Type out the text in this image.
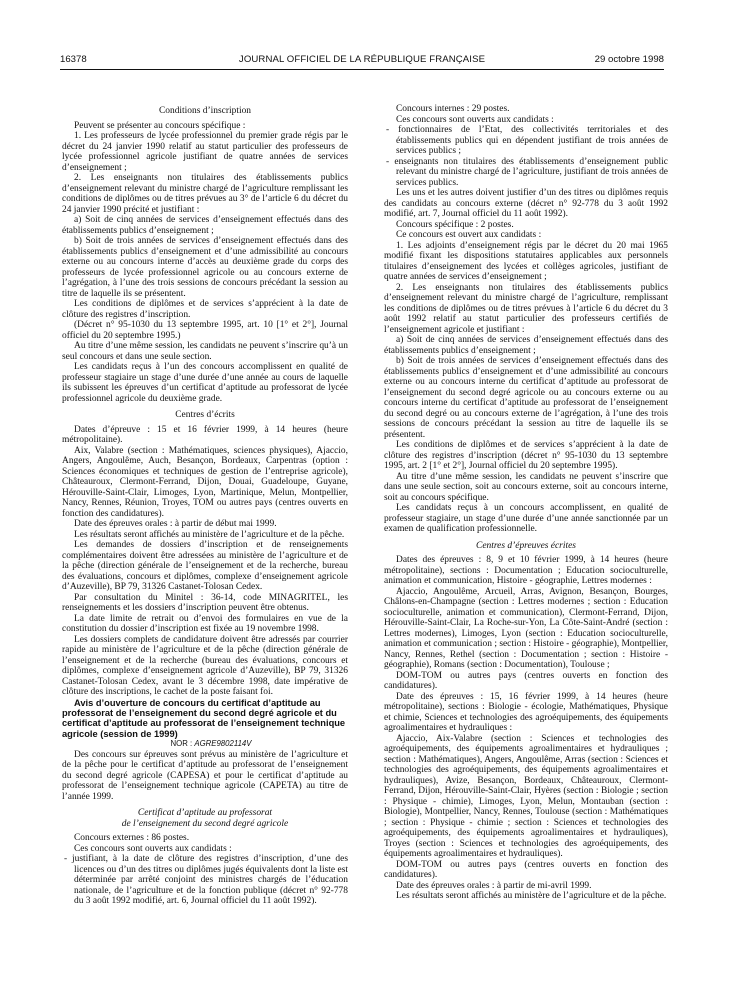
16378	JOURNAL OFFICIEL DE LA RÉPUBLIQUE FRANÇAISE	29 octobre 1998

Conditions d’inscription

Peuvent se présenter au concours spécifique :

1. Les professeurs de lycée professionnel du premier grade régis par le décret du 24 janvier 1990 relatif au statut particulier des professeurs de lycée professionnel agricole justifiant de quatre années de services d’enseignement ;

2. Les enseignants non titulaires des établissements publics d’enseignement relevant du ministre chargé de l’agriculture remplissant les conditions de diplômes ou de titres prévues au 3° de l’article 6 du décret du 24 janvier 1990 précité et justifiant :

a) Soit de cinq années de services d’enseignement effectués dans des établissements publics d’enseignement ;

b) Soit de trois années de services d’enseignement effectués dans des établissements publics d’enseignement et d’une admissibilité au concours externe ou au concours interne d’accès au deuxième grade du corps des professeurs de lycée professionnel agricole ou au concours externe de l’agrégation, à l’une des trois sessions de concours précédant la session au titre de laquelle ils se présentent.

Les conditions de diplômes et de services s’apprécient à la date de clôture des registres d’inscription.

(Décret n° 95-1030 du 13 septembre 1995, art. 10 [1° et 2°], Journal officiel du 20 septembre 1995.)

Au titre d’une même session, les candidats ne peuvent s’inscrire qu’à un seul concours et dans une seule section.

Les candidats reçus à l’un des concours accomplissent en qualité de professeur stagiaire un stage d’une durée d’une année au cours de laquelle ils subissent les épreuves d’un certificat d’aptitude au professorat de lycée professionnel agricole du deuxième grade.

Centres d’écrits

Dates d’épreuve : 15 et 16 février 1999, à 14 heures (heure métropolitaine).

Aix, Valabre (section : Mathématiques, sciences physiques), Ajaccio, Angers, Angoulême, Auch, Besançon, Bordeaux, Carpentras (option : Sciences économiques et techniques de gestion de l’entreprise agricole), Châteauroux, Clermont-Ferrand, Dijon, Douai, Guadeloupe, Guyane, Hérouville-Saint-Clair, Limoges, Lyon, Martinique, Melun, Montpellier, Nancy, Rennes, Réunion, Troyes, TOM ou autres pays (centres ouverts en fonction des candidatures).

Date des épreuves orales : à partir de début mai 1999.

Les résultats seront affichés au ministère de l’agriculture et de la pêche.

Les demandes de dossiers d’inscription et de renseignements complémentaires doivent être adressées au ministère de l’agriculture et de la pêche (direction générale de l’enseignement et de la recherche, bureau des évaluations, concours et diplômes, complexe d’enseignement agricole d’Auzeville), BP 79, 31326 Castanet-Tolosan Cedex.

Par consultation du Minitel : 36-14, code MINAGRITEL, les renseignements et les dossiers d’inscription peuvent être obtenus.

La date limite de retrait ou d’envoi des formulaires en vue de la constitution du dossier d’inscription est fixée au 19 novembre 1998.

Les dossiers complets de candidature doivent être adressés par courrier rapide au ministère de l’agriculture et de la pêche (direction générale de l’enseignement et de la recherche (bureau des évaluations, concours et diplômes, complexe d’enseignement agricole d’Auzeville), BP 79, 31326 Castanet-Tolosan Cedex, avant le 3 décembre 1998, date impérative de clôture des inscriptions, le cachet de la poste faisant foi.

Avis d’ouverture de concours du certificat d’aptitude au professorat de l’enseignement du second degré agricole et du certificat d’aptitude au professorat de l’enseignement technique agricole (session de 1999)

NOR : AGRE9802114V

Des concours sur épreuves sont prévus au ministère de l’agriculture et de la pêche pour le certificat d’aptitude au professorat de l’enseignement du second degré agricole (CAPESA) et pour le certificat d’aptitude au professorat de l’enseignement technique agricole (CAPETA) au titre de l’année 1999.

Certificat d’aptitude au professorat
de l’enseignement du second degré agricole

Concours externes : 86 postes.

Ces concours sont ouverts aux candidats :

- justifiant, à la date de clôture des registres d’inscription, d’une des licences ou d’un des titres ou diplômes jugés équivalents dont la liste est déterminée par arrêté conjoint des ministres chargés de l’éducation nationale, de l’agriculture et de la fonction publique (décret n° 92-778 du 3 août 1992 modifié, art. 6, Journal officiel du 11 août 1992).

Concours internes : 29 postes.

Ces concours sont ouverts aux candidats :

- fonctionnaires de l’Etat, des collectivités territoriales et des établissements publics qui en dépendent justifiant de trois années de services publics ;

- enseignants non titulaires des établissements d’enseignement public relevant du ministre chargé de l’agriculture, justifiant de trois années de services publics.

Les uns et les autres doivent justifier d’un des titres ou diplômes requis des candidats au concours externe (décret n° 92-778 du 3 août 1992 modifié, art. 7, Journal officiel du 11 août 1992).

Concours spécifique : 2 postes.

Ce concours est ouvert aux candidats :

1. Les adjoints d’enseignement régis par le décret du 20 mai 1965 modifié fixant les dispositions statutaires applicables aux personnels titulaires d’enseignement des lycées et collèges agricoles, justifiant de quatre années de services d’enseignement ;

2. Les enseignants non titulaires des établissements publics d’enseignement relevant du ministre chargé de l’agriculture, remplissant les conditions de diplômes ou de titres prévues à l’article 6 du décret du 3 août 1992 relatif au statut particulier des professeurs certifiés de l’enseignement agricole et justifiant :

a) Soit de cinq années de services d’enseignement effectués dans des établissements publics d’enseignement ;

b) Soit de trois années de services d’enseignement effectués dans des établissements publics d’enseignement et d’une admissibilité au concours externe ou au concours interne du certificat d’aptitude au professorat de l’enseignement du second degré agricole ou au concours externe ou au concours interne du certificat d’aptitude au professorat de l’enseignement du second degré ou au concours externe de l’agrégation, à l’une des trois sessions de concours précédant la session au titre de laquelle ils se présentent.

Les conditions de diplômes et de services s’apprécient à la date de clôture des registres d’inscription (décret n° 95-1030 du 13 septembre 1995, art. 2 [1° et 2°], Journal officiel du 20 septembre 1995).

Au titre d’une même session, les candidats ne peuvent s’inscrire que dans une seule section, soit au concours externe, soit au concours interne, soit au concours spécifique.

Les candidats reçus à un concours accomplissent, en qualité de professeur stagiaire, un stage d’une durée d’une année sanctionnée par un examen de qualification professionnelle.

Centres d’épreuves écrites

Dates des épreuves : 8, 9 et 10 février 1999, à 14 heures (heure métropolitaine), sections : Documentation ; Education socioculturelle, animation et communication, Histoire - géographie, Lettres modernes :

Ajaccio, Angoulême, Arcueil, Arras, Avignon, Besançon, Bourges, Châlons-en-Champagne (section : Lettres modernes ; section : Education socioculturelle, animation et communication), Clermont-Ferrand, Dijon, Hérouville-Saint-Clair, La Roche-sur-Yon, La Côte-Saint-André (section : Lettres modernes), Limoges, Lyon (section : Education socioculturelle, animation et communication ; section : Histoire - géographie), Montpellier, Nancy, Rennes, Rethel (section : Documentation ; section : Histoire - géographie), Romans (section : Documentation), Toulouse ;

DOM-TOM ou autres pays (centres ouverts en fonction des candidatures).

Date des épreuves : 15, 16 février 1999, à 14 heures (heure métropolitaine), sections : Biologie - écologie, Mathématiques, Physique et chimie, Sciences et technologies des agroéquipements, des équipements agroalimentaires et hydrauliques :

Ajaccio, Aix-Valabre (section : Sciences et technologies des agroéquipements, des équipements agroalimentaires et hydrauliques ; section : Mathématiques), Angers, Angoulême, Arras (section : Sciences et technologies des agroéquipements, des équipements agroalimentaires et hydrauliques), Avize, Besançon, Bordeaux, Châteauroux, Clermont-Ferrand, Dijon, Hérouville-Saint-Clair, Hyères (section : Biologie ; section : Physique - chimie), Limoges, Lyon, Melun, Montauban (section : Biologie), Montpellier, Nancy, Rennes, Toulouse (section : Mathématiques ; section : Physique - chimie ; section : Sciences et technologies des agroéquipements, des équipements agroalimentaires et hydrauliques), Troyes (section : Sciences et technologies des agroéquipements, des équipements agroalimentaires et hydrauliques).

DOM-TOM ou autres pays (centres ouverts en fonction des candidatures).

Date des épreuves orales : à partir de mi-avril 1999.

Les résultats seront affichés au ministère de l’agriculture et de la pêche.
